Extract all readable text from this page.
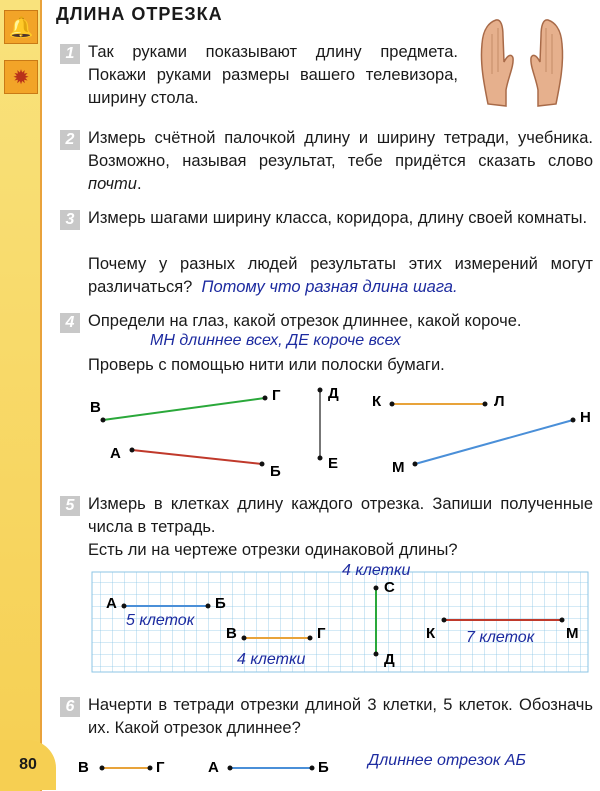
🔔
✹
80
ДЛИНА ОТРЕЗКА
1 Так руками показывают длину предмета. Покажи руками размеры вашего телевизора, ширину стола.
2 Измерь счётной палочкой длину и ширину тетради, учебника. Возможно, называя результат, тебе придётся сказать слово почти.
3 Измерь шагами ширину класса, коридора, длину своей комнаты.
Почему у разных людей результаты этих измерений могут различаться? Потому что разная длина шага.
4 Определи на глаз, какой отрезок длиннее, какой короче.
МН длиннее всех, ДЕ короче всех
Проверь с помощью нити или полоски бумаги.
В
Г	Д
Е
К	Л
А
Б	М
Н
5 Измерь в клетках длину каждого отрезка. Запиши полученные числа в тетрадь.
Есть ли на чертеже отрезки одинаковой длины?
А	Б
В	Г
С
Д
К	М
5 клеток
4 клетки
4 клетки
7 клеток
6 Начерти в тетради отрезки длиной 3 клетки, 5 клеток. Обозначь их. Какой отрезок длиннее?
В	Г	А	Б Длиннее отрезок АБ
